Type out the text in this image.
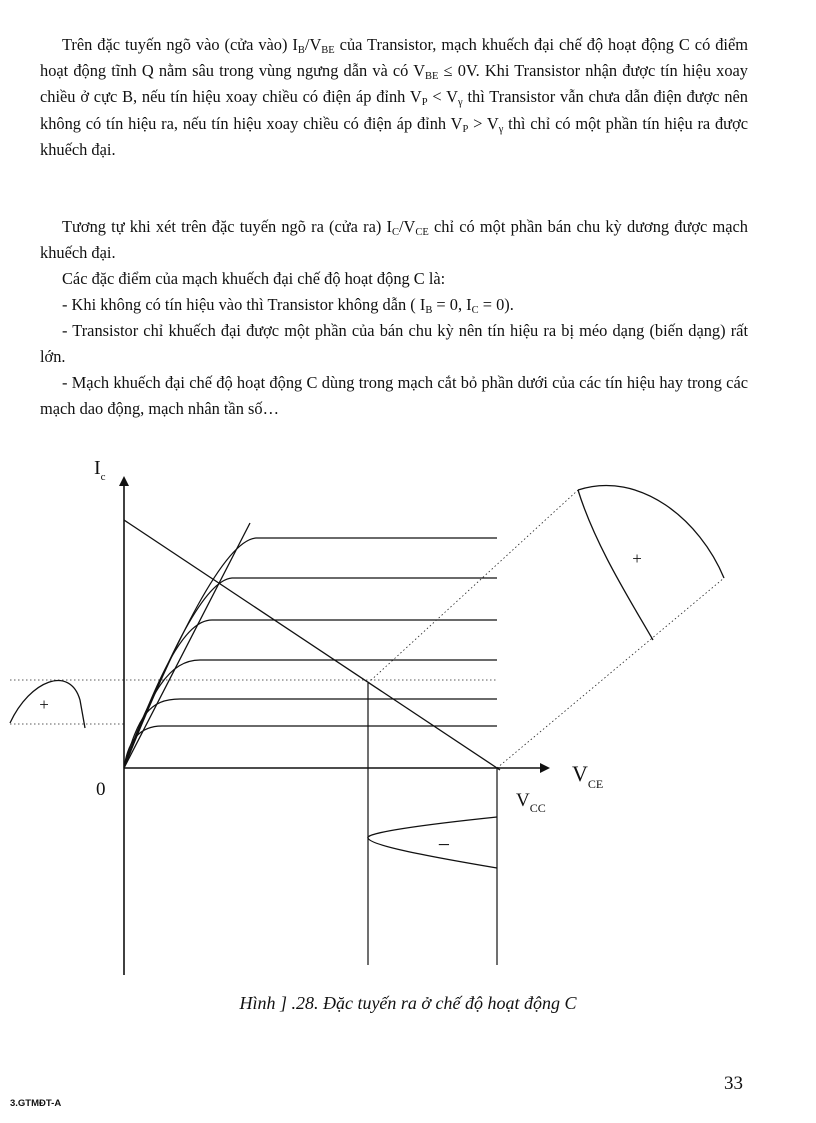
Trên đặc tuyến ngõ vào (cửa vào) $I_B/V_{BE}$ của Transistor, mạch khuếch đại chế độ hoạt động C có điểm hoạt động tĩnh Q nằm sâu trong vùng ngưng dẫn và có $V_{BE} \le 0V$. Khi Transistor nhận được tín hiệu xoay chiều ở cực B, nếu tín hiệu xoay chiều có điện áp đỉnh $V_P < V_\gamma$ thì Transistor vẫn chưa dẫn điện được nên không có tín hiệu ra, nếu tín hiệu xoay chiều có điện áp đỉnh $V_P > V_\gamma$ thì chỉ có một phần tín hiệu ra được khuếch đại.

Tương tự khi xét trên đặc tuyến ngõ ra (cửa ra) $I_C/V_{CE}$ chỉ có một phần bán chu kỳ dương được mạch khuếch đại.

Các đặc điểm của mạch khuếch đại chế độ hoạt động C là:

- Khi không có tín hiệu vào thì Transistor không dẫn ( $I_B = 0$, $I_C = 0$).

- Transistor chỉ khuếch đại được một phần của bán chu kỳ nên tín hiệu ra bị méo dạng (biến dạng) rất lớn.

- Mạch khuếch đại chế độ hoạt động C dùng trong mạch cắt bỏ phần dưới của các tín hiệu hay trong các mạch dao động, mạch nhân tần số…

+
−
+
$I_c$
$V_{CE}$
0
$V_{CC}$
Hình ] .28. Đặc tuyến ra ở chế độ hoạt động C
33
3.GTMĐT-A
